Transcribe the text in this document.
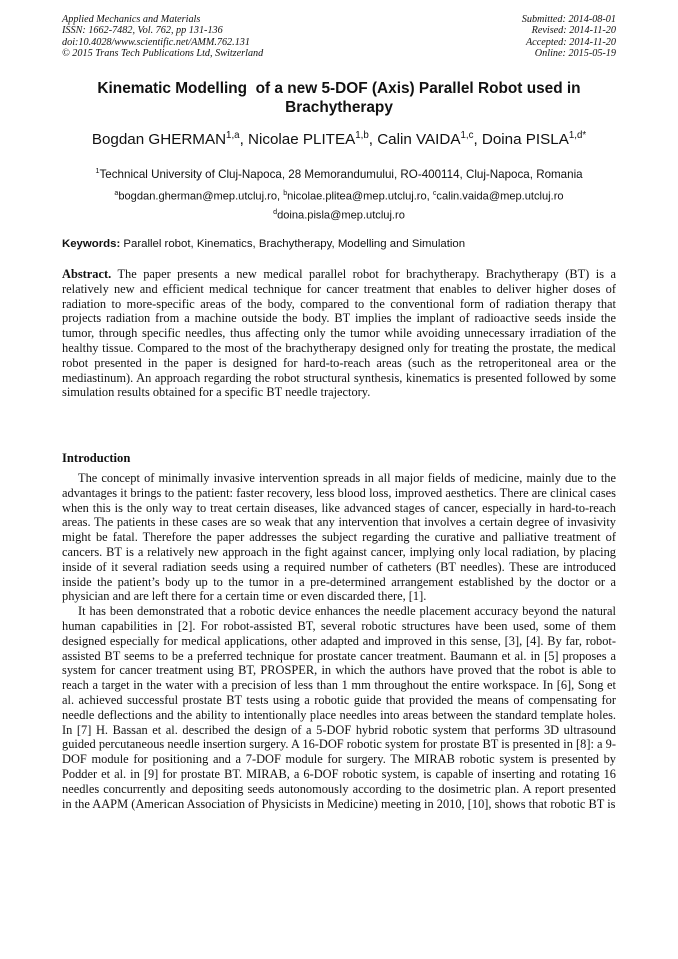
Applied Mechanics and Materials
ISSN: 1662-7482, Vol. 762, pp 131-136
doi:10.4028/www.scientific.net/AMM.762.131
© 2015 Trans Tech Publications Ltd, Switzerland
Submitted: 2014-08-01
Revised: 2014-11-20
Accepted: 2014-11-20
Online: 2015-05-19
Kinematic Modelling  of a new 5-DOF (Axis) Parallel Robot used in
Brachytherapy
Bogdan GHERMAN$^{1,a}$, Nicolae PLITEA$^{1,b}$, Calin VAIDA$^{1,c}$, Doina $PISLA^{1,d*}$
$^1$Technical University of Cluj-Napoca, 28 Memorandumului, RO-400114, Cluj-Napoca, Romania
$^a$bogdan.gherman@mep.utcluj.ro, $^b$nicolae.plitea@mep.utcluj.ro, $^c$calin.vaida@mep.utcluj.ro
$^d$doina.pisla@mep.utcluj.ro
Keywords: Parallel robot, Kinematics, Brachytherapy, Modelling and Simulation
Abstract. The paper presents a new medical parallel robot for brachytherapy. Brachytherapy (BT) is a relatively new and efficient medical technique for cancer treatment that enables to deliver higher doses of radiation to more-specific areas of the body, compared to the conventional form of radiation therapy that projects radiation from a machine outside the body. BT implies the implant of radioactive seeds inside the tumor, through specific needles, thus affecting only the tumor while avoiding unnecessary irradiation of the healthy tissue. Compared to the most of the brachytherapy designed only for treating the prostate, the medical robot presented in the paper is designed for hard-to-reach areas (such as the retroperitoneal area or the mediastinum). An approach regarding the robot structural synthesis, kinematics is presented followed by some simulation results obtained for a specific BT needle trajectory.
Introduction

The concept of minimally invasive intervention spreads in all major fields of medicine, mainly due to the advantages it brings to the patient: faster recovery, less blood loss, improved aesthetics. There are clinical cases when this is the only way to treat certain diseases, like advanced stages of cancer, especially in hard-to-reach areas. The patients in these cases are so weak that any intervention that involves a certain degree of invasivity might be fatal. Therefore the paper addresses the subject regarding the curative and palliative treatment of cancers. BT is a relatively new approach in the fight against cancer, implying only local radiation, by placing inside of it several radiation seeds using a required number of catheters (BT needles). These are introduced inside the patient’s body up to the tumor in a pre-determined arrangement established by the doctor or a physician and are left there for a certain time or even discarded there, [1].

It has been demonstrated that a robotic device enhances the needle placement accuracy beyond the natural human capabilities in [2]. For robot-assisted BT, several robotic structures have been used, some of them designed especially for medical applications, other adapted and improved in this sense, [3], [4]. By far, robot-assisted BT seems to be a preferred technique for prostate cancer treatment. Baumann et al. in [5] proposes a system for cancer treatment using BT, PROSPER, in which the authors have proved that the robot is able to reach a target in the water with a precision of less than 1 mm throughout the entire workspace. In [6], Song et al. achieved successful prostate BT tests using a robotic guide that provided the means of compensating for needle deflections and the ability to intentionally place needles into areas between the standard template holes. In [7] H. Bassan et al. described the design of a 5-DOF hybrid robotic system that performs 3D ultrasound guided percutaneous needle insertion surgery. A 16-DOF robotic system for prostate BT is presented in [8]: a 9-DOF module for positioning and a 7-DOF module for surgery. The MIRAB robotic system is presented by Podder et al. in [9] for prostate BT. MIRAB, a 6-DOF robotic system, is capable of inserting and rotating 16 needles concurrently and depositing seeds autonomously according to the dosimetric plan. A report presented in the AAPM (American Association of Physicists in Medicine) meeting in 2010, [10], shows that robotic BT is
